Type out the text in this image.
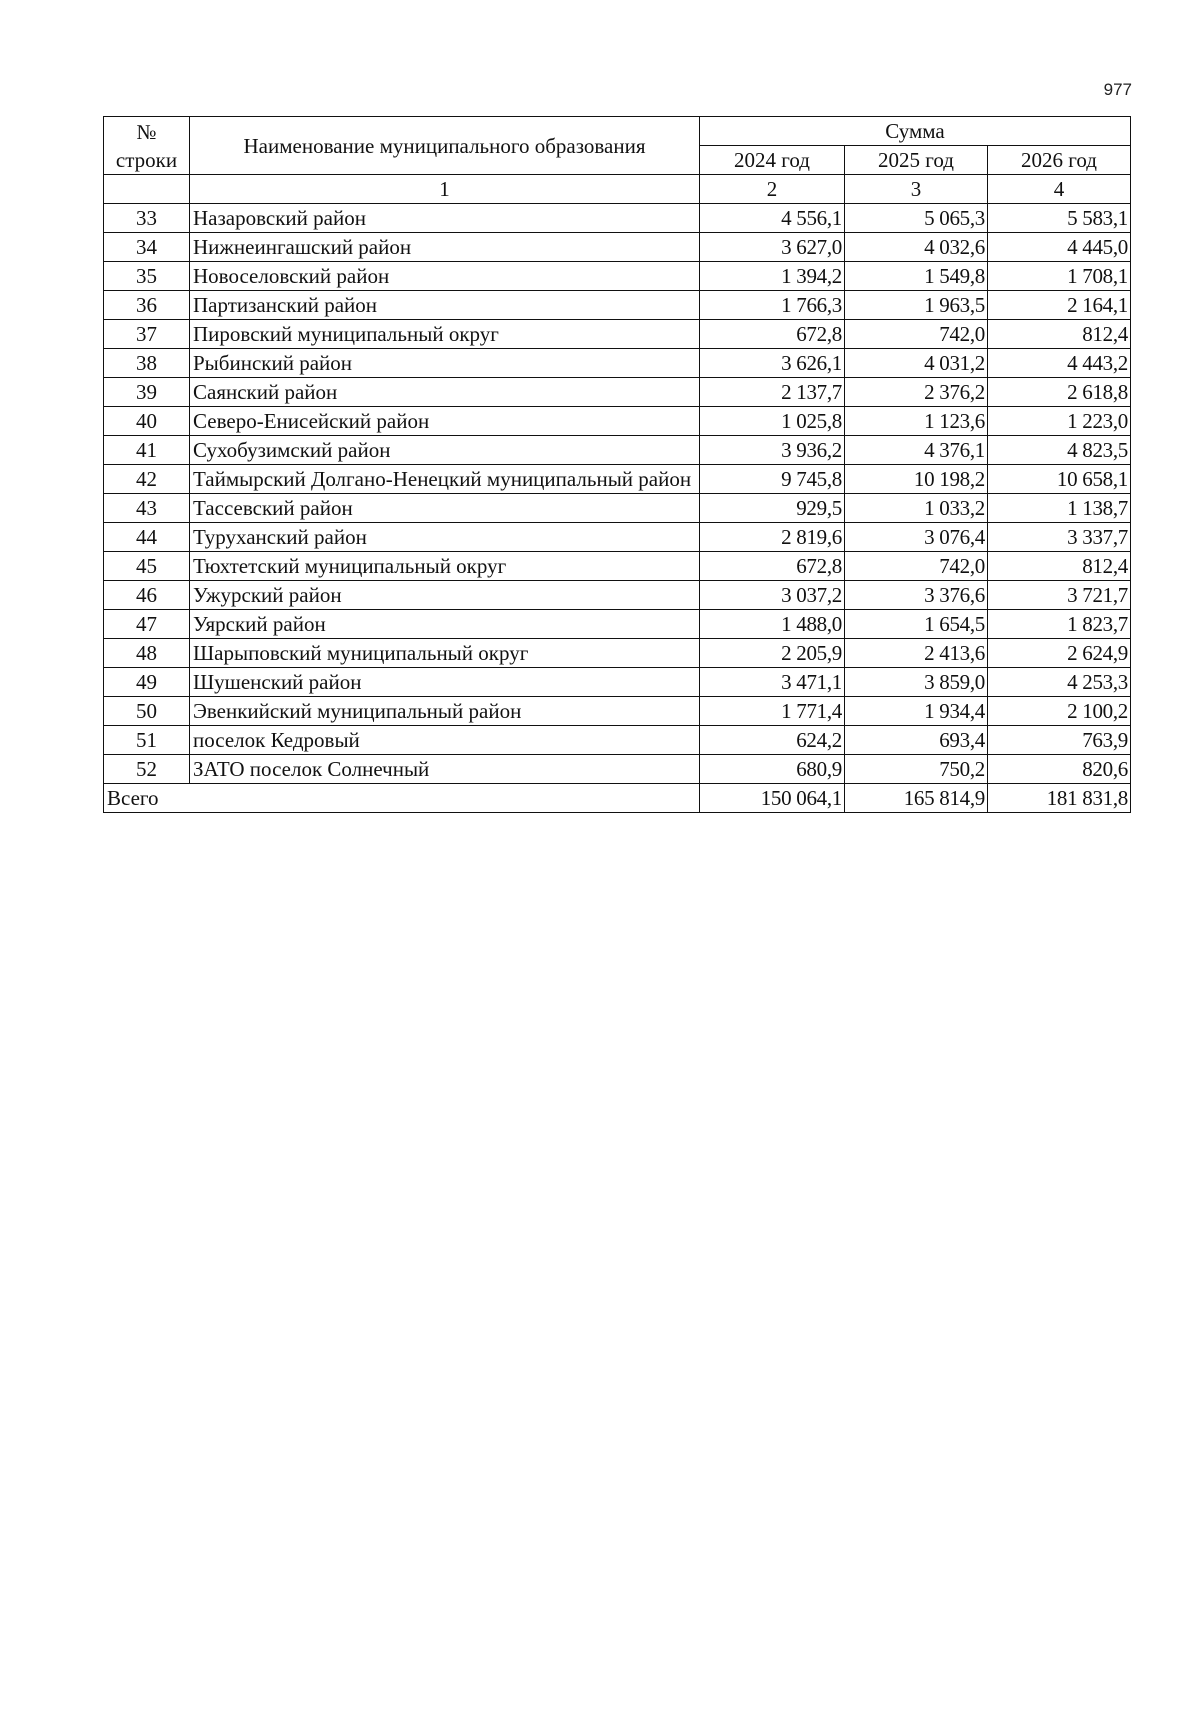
977
№
строки	Наименование муниципального образования	Сумма		
		2024 год	2025 год	2026 год
	1	2	3	4
33	Назаровский район	4 556,1	5 065,3	5 583,1
34	Нижнеингашский район	3 627,0	4 032,6	4 445,0
35	Новоселовский район	1 394,2	1 549,8	1 708,1
36	Партизанский район	1 766,3	1 963,5	2 164,1
37	Пировский муниципальный округ	672,8	742,0	812,4
38	Рыбинский район	3 626,1	4 031,2	4 443,2
39	Саянский район	2 137,7	2 376,2	2 618,8
40	Северо-Енисейский район	1 025,8	1 123,6	1 223,0
41	Сухобузимский район	3 936,2	4 376,1	4 823,5
42	Таймырский Долгано-Ненецкий муниципальный район	9 745,8	10 198,2	10 658,1
43	Тассевский район	929,5	1 033,2	1 138,7
44	Туруханский район	2 819,6	3 076,4	3 337,7
45	Тюхтетский муниципальный округ	672,8	742,0	812,4
46	Ужурский район	3 037,2	3 376,6	3 721,7
47	Уярский район	1 488,0	1 654,5	1 823,7
48	Шарыповский муниципальный округ	2 205,9	2 413,6	2 624,9
49	Шушенский район	3 471,1	3 859,0	4 253,3
50	Эвенкийский муниципальный район	1 771,4	1 934,4	2 100,2
51	поселок Кедровый	624,2	693,4	763,9
52	ЗАТО поселок Солнечный	680,9	750,2	820,6
Всего		150 064,1	165 814,9	181 831,8
